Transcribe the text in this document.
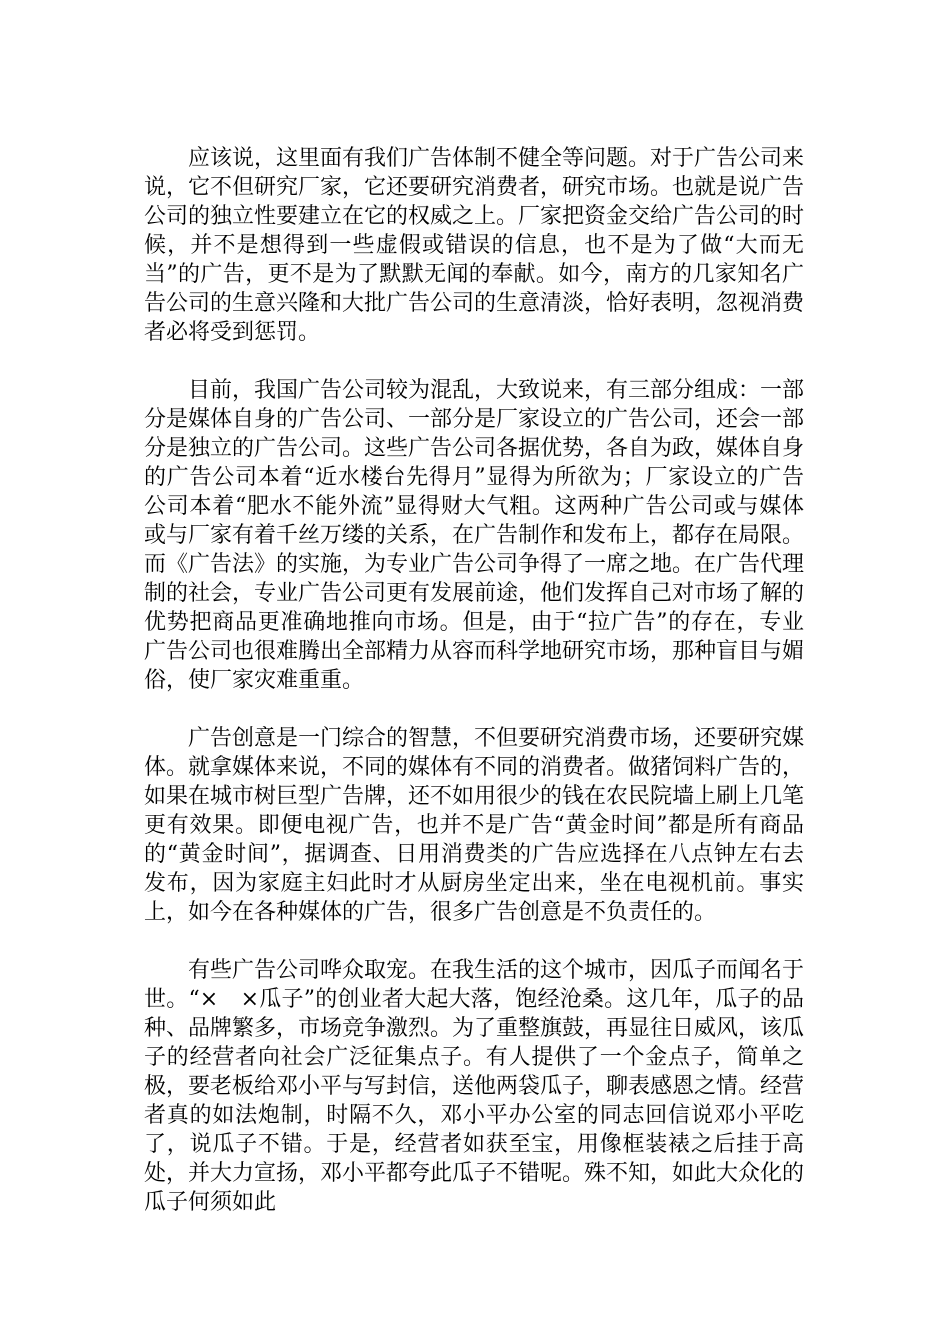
应该说，这里面有我们广告体制不健全等问题。对于广告公司来说，它不但研究厂家，它还要研究消费者，研究市场。也就是说广告公司的独立性要建立在它的权威之上。厂家把资金交给广告公司的时候，并不是想得到一些虚假或错误的信息，也不是为了做“大而无当”的广告，更不是为了默默无闻的奉献。如今，南方的几家知名广告公司的生意兴隆和大批广告公司的生意清淡，恰好表明，忽视消费者必将受到惩罚。

目前，我国广告公司较为混乱，大致说来，有三部分组成：一部分是媒体自身的广告公司、一部分是厂家设立的广告公司，还会一部分是独立的广告公司。这些广告公司各据优势，各自为政，媒体自身的广告公司本着“近水楼台先得月”显得为所欲为；厂家设立的广告公司本着“肥水不能外流”显得财大气粗。这两种广告公司或与媒体或与厂家有着千丝万缕的关系，在广告制作和发布上，都存在局限。而《广告法》的实施，为专业广告公司争得了一席之地。在广告代理制的社会，专业广告公司更有发展前途，他们发挥自己对市场了解的优势把商品更准确地推向市场。但是，由于“拉广告”的存在，专业广告公司也很难腾出全部精力从容而科学地研究市场，那种盲目与媚俗，使厂家灾难重重。

广告创意是一门综合的智慧，不但要研究消费市场，还要研究媒体。就拿媒体来说，不同的媒体有不同的消费者。做猪饲料广告的，如果在城市树巨型广告牌，还不如用很少的钱在农民院墙上刷上几笔更有效果。即便电视广告，也并不是广告“黄金时间”都是所有商品的“黄金时间”，据调查、日用消费类的广告应选择在八点钟左右去发布，因为家庭主妇此时才从厨房坐定出来，坐在电视机前。事实上，如今在各种媒体的广告，很多广告创意是不负责任的。

有些广告公司哗众取宠。在我生活的这个城市，因瓜子而闻名于世。“×　×瓜子”的创业者大起大落，饱经沧桑。这几年，瓜子的品种、品牌繁多，市场竞争激烈。为了重整旗鼓，再显往日威风，该瓜子的经营者向社会广泛征集点子。有人提供了一个金点子，简单之极，要老板给邓小平与写封信，送他两袋瓜子，聊表感恩之情。经营者真的如法炮制，时隔不久，邓小平办公室的同志回信说邓小平吃了，说瓜子不错。于是，经营者如获至宝，用像框装裱之后挂于高处，并大力宣扬，邓小平都夸此瓜子不错呢。殊不知，如此大众化的瓜子何须如此
